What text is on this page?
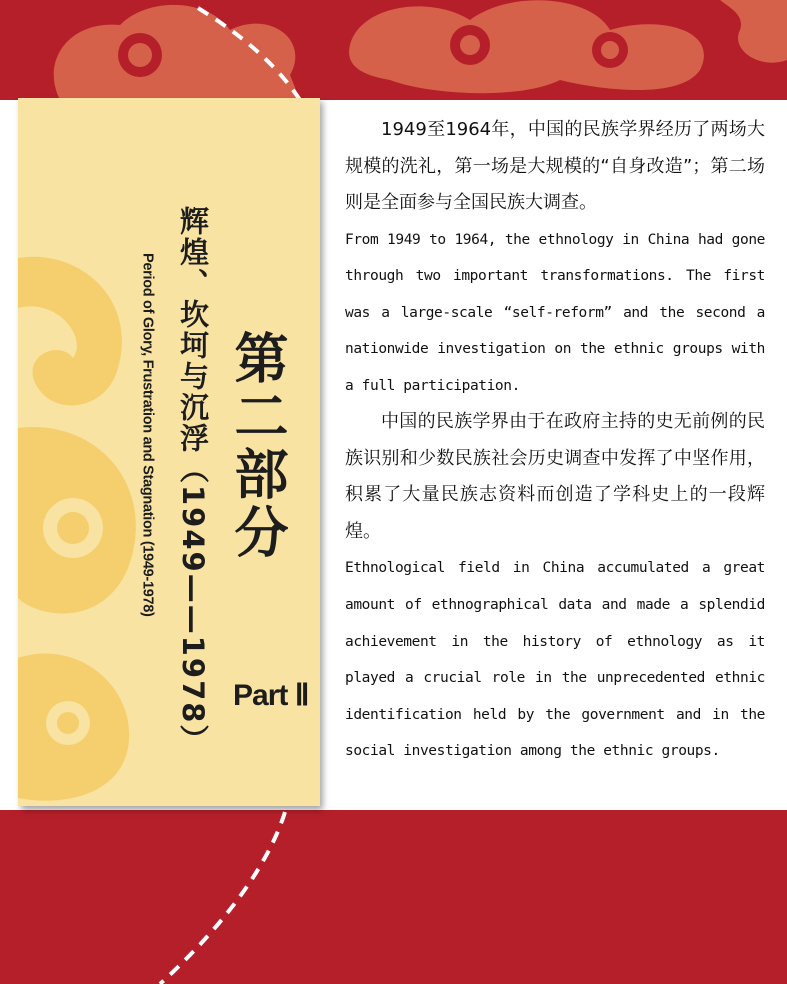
第二部分
Part Ⅱ
辉煌、坎坷与沉浮（1949——1978）
Period of Glory, Frustration and Stagnation (1949-1978)

1949至1964年，中国的民族学界经历了两场大规模的洗礼，第一场是大规模的“自身改造”；第二场则是全面参与全国民族大调查。

From 1949 to 1964, the ethnology in China had gone through two important transformations. The first was a large-scale “self-reform” and the second a nationwide investigation on the ethnic groups with a full participation.

中国的民族学界由于在政府主持的史无前例的民族识别和少数民族社会历史调查中发挥了中坚作用，积累了大量民族志资料而创造了学科史上的一段辉煌。

Ethnological field in China accumulated a great amount of ethnographical data and made a splendid achievement in the history of ethnology as it played a crucial role in the unprecedented ethnic identification held by the government and in the social investigation among the ethnic groups.
